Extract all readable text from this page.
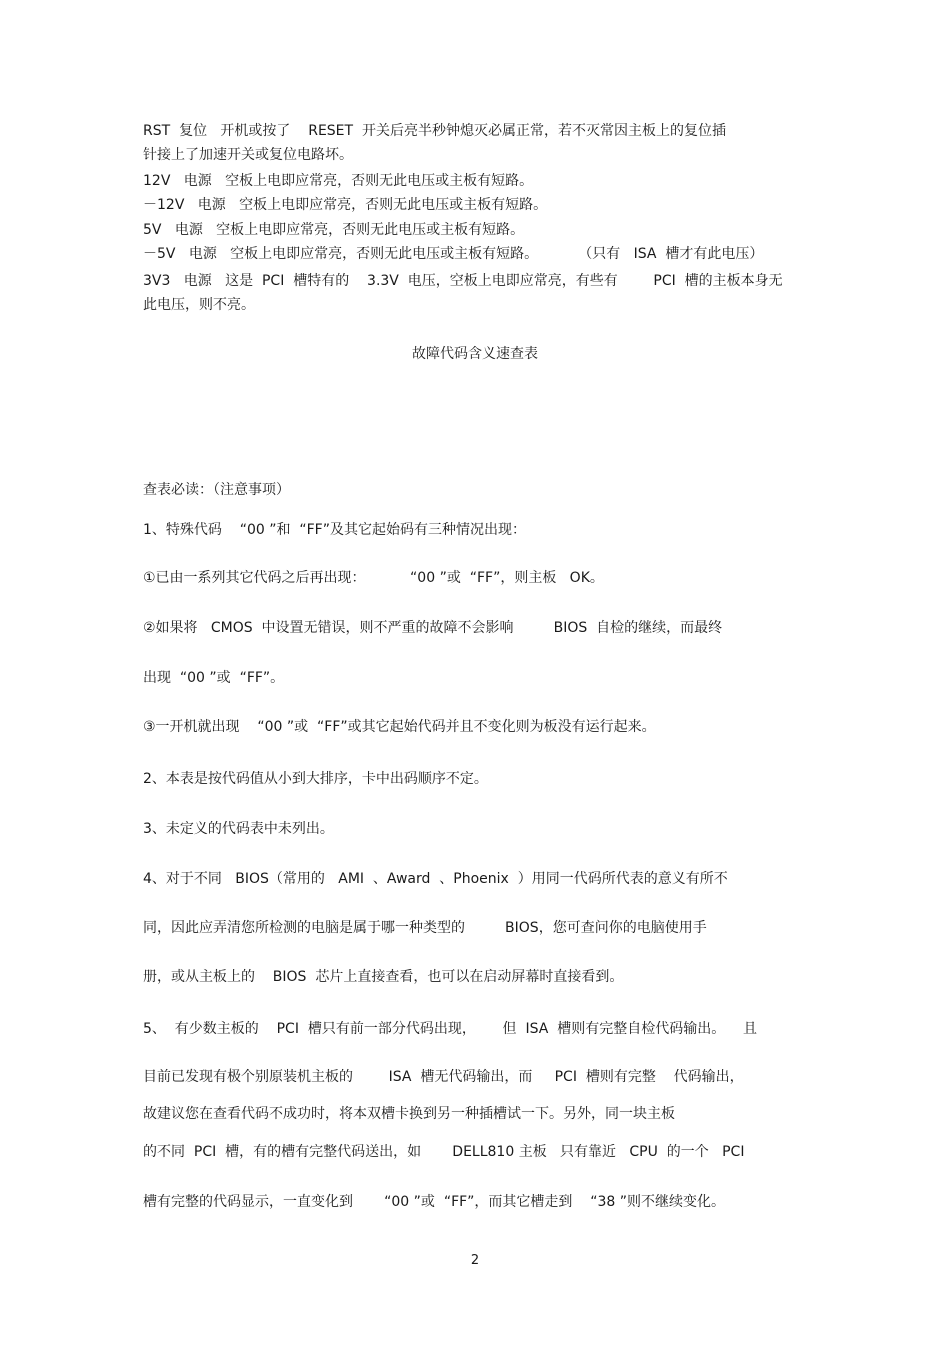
RST  复位   开机或按了    RESET  开关后亮半秒钟熄灭必属正常，若不灭常因主板上的复位插
针接上了加速开关或复位电路坏。
12V   电源   空板上电即应常亮，否则无此电压或主板有短路。
－12V   电源   空板上电即应常亮，否则无此电压或主板有短路。
5V   电源   空板上电即应常亮，否则无此电压或主板有短路。
－5V   电源   空板上电即应常亮，否则无此电压或主板有短路。         （只有   ISA  槽才有此电压）
3V3   电源   这是  PCI  槽特有的    3.3V  电压，空板上电即应常亮，有些有        PCI  槽的主板本身无
此电压，则不亮。
故障代码含义速查表
查表必读：（注意事项）
1、特殊代码    “00 ”和  “FF”及其它起始码有三种情况出现：
①已由一系列其它代码之后再出现：          “00 ”或  “FF”，则主板   OK。
②如果将   CMOS  中设置无错误，则不严重的故障不会影响         BIOS  自检的继续，而最终
出现  “00 ”或  “FF”。
③一开机就出现    “00 ”或  “FF”或其它起始代码并且不变化则为板没有运行起来。
2、本表是按代码值从小到大排序，卡中出码顺序不定。
3、未定义的代码表中未列出。
4、对于不同   BIOS（常用的   AMI  、Award  、Phoenix  ）用同一代码所代表的意义有所不
同，因此应弄清您所检测的电脑是属于哪一种类型的         BIOS，您可查问你的电脑使用手
册，或从主板上的    BIOS  芯片上直接查看，也可以在启动屏幕时直接看到。
5、  有少数主板的    PCI  槽只有前一部分代码出现，      但  ISA  槽则有完整自检代码输出。    且
目前已发现有极个别原装机主板的        ISA  槽无代码输出，而     PCI  槽则有完整    代码输出，
故建议您在查看代码不成功时，将本双槽卡换到另一种插槽试一下。另外，同一块主板
的不同  PCI  槽，有的槽有完整代码送出，如       DELL810 主板   只有靠近   CPU  的一个   PCI
槽有完整的代码显示，一直变化到       “00 ”或  “FF”，而其它槽走到    “38 ”则不继续变化。
2
